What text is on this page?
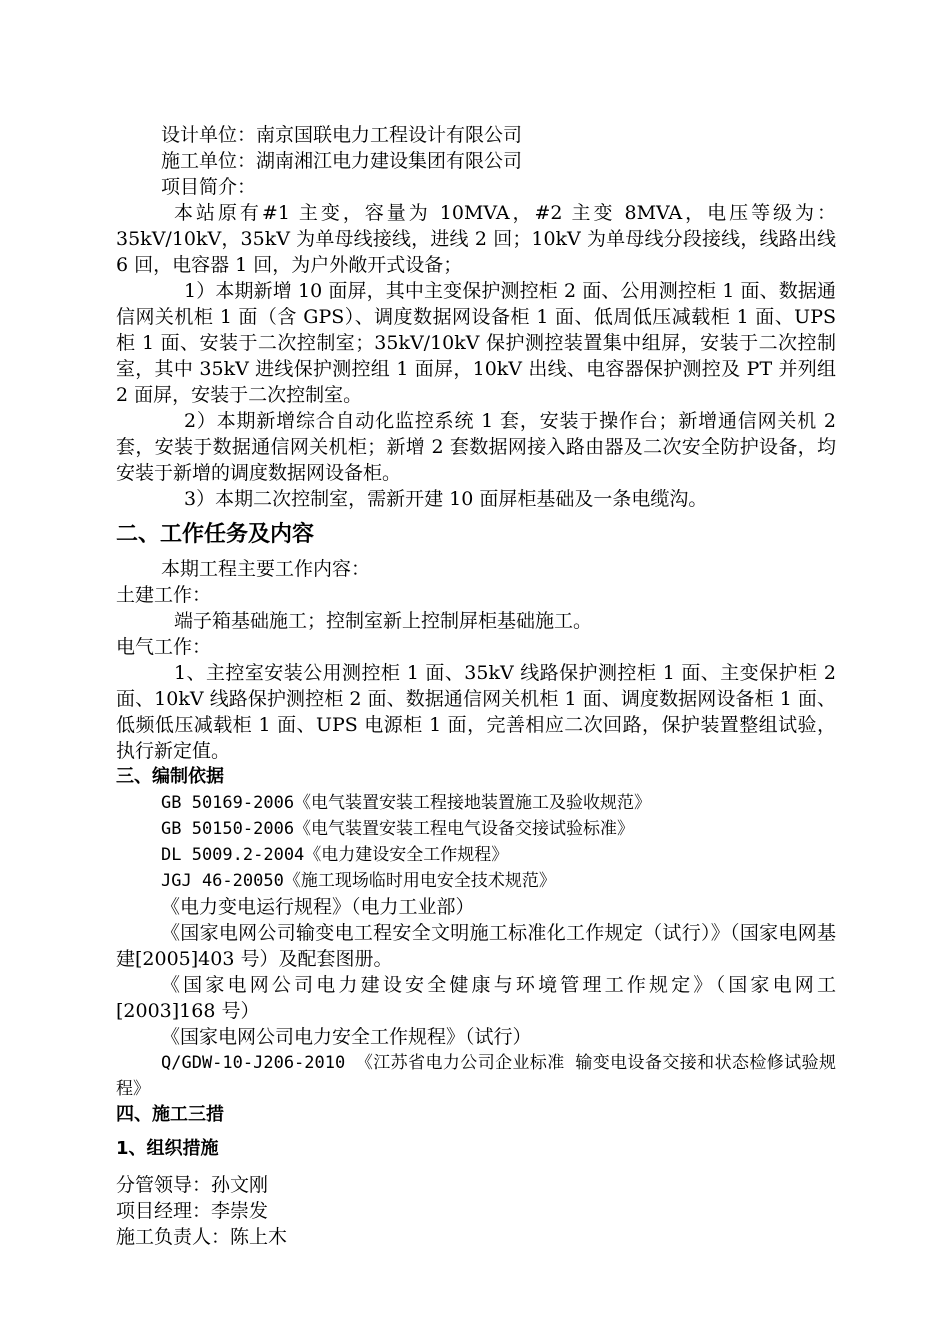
设计单位：南京国联电力工程设计有限公司

施工单位：湖南湘江电力建设集团有限公司

项目简介：

本站原有#1 主变，容量为 10MVA，#2 主变 8MVA，电压等级为：35kV/10kV，35kV 为单母线接线，进线 2 回；10kV 为单母线分段接线，线路出线 6 回，电容器 1 回，为户外敞开式设备；

1）本期新增 10 面屏，其中主变保护测控柜 2 面、公用测控柜 1 面、数据通信网关机柜 1 面（含 GPS）、调度数据网设备柜 1 面、低周低压减载柜 1 面、UPS 柜 1 面、安装于二次控制室；35kV/10kV 保护测控装置集中组屏，安装于二次控制室，其中 35kV 进线保护测控组 1 面屏，10kV 出线、电容器保护测控及 PT 并列组 2 面屏，安装于二次控制室。

2）本期新增综合自动化监控系统 1 套，安装于操作台；新增通信网关机 2 套，安装于数据通信网关机柜；新增 2 套数据网接入路由器及二次安全防护设备，均安装于新增的调度数据网设备柜。

3）本期二次控制室，需新开建 10 面屏柜基础及一条电缆沟。

二、工作任务及内容

本期工程主要工作内容：

土建工作：

端子箱基础施工；控制室新上控制屏柜基础施工。

电气工作：

1、主控室安装公用测控柜 1 面、35kV 线路保护测控柜 1 面、主变保护柜 2 面、10kV 线路保护测控柜 2 面、数据通信网关机柜 1 面、调度数据网设备柜 1 面、低频低压减载柜 1 面、UPS 电源柜 1 面，完善相应二次回路，保护装置整组试验，执行新定值。

三、编制依据

GB 50169-2006《电气装置安装工程接地装置施工及验收规范》

GB 50150-2006《电气装置安装工程电气设备交接试验标准》

DL 5009.2-2004《电力建设安全工作规程》

JGJ 46-20050《施工现场临时用电安全技术规范》

《电力变电运行规程》（电力工业部）

《国家电网公司输变电工程安全文明施工标准化工作规定（试行）》（国家电网基建[2005]403 号）及配套图册。

《国家电网公司电力建设安全健康与环境管理工作规定》（国家电网工[2003]168 号）

《国家电网公司电力安全工作规程》（试行）

Q/GDW-10-J206-2010 《江苏省电力公司企业标准 输变电设备交接和状态检修试验规程》

四、施工三措

1、组织措施

分管领导：孙文刚

项目经理：李崇发

施工负责人：陈上木
